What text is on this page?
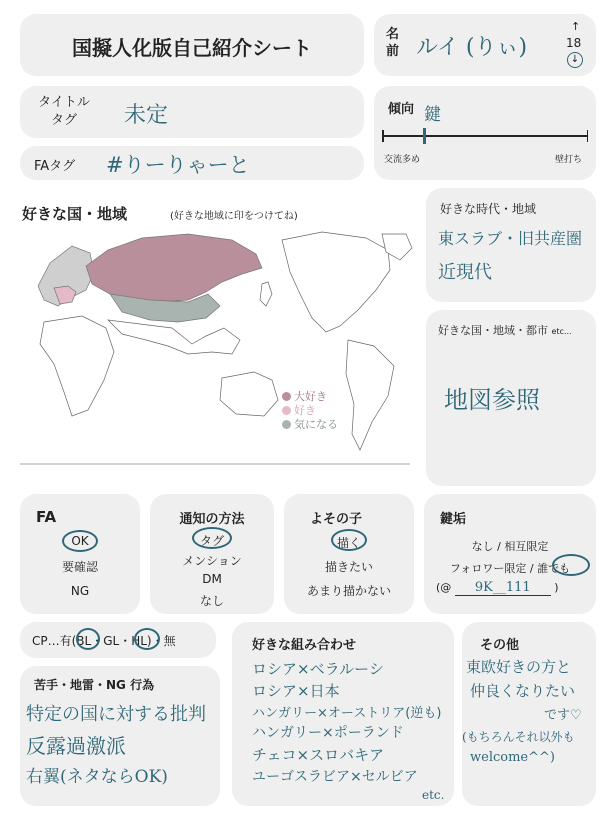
国擬人化版自己紹介シート
名前 ルイ (りぃ)
↑
18
↓
タイトルタグ	未定
FAタグ #りーりゃーと
傾向 鍵
交流多め	壁打ち
好きな国・地域	(好きな地域に印をつけてね)
大好き
好き
気になる
好きな時代・地域
東スラブ・旧共産圏
近現代
好きな国・地域・都市 etc...
地図参照
FA
OK
要確認
NG
通知の方法
タグ
メンション
DM
なし
よその子
描く
描きたい
あまり描かない
鍵垢
なし / 相互限定
フォロワー限定 / 誰でも
(@ 9K__111 )
CP…有(BL・GL・HL)・無
苦手・地雷・NG 行為
特定の国に対する批判
反露過激派
右翼(ネタならOK)
好きな組み合わせ
ロシア×ベラルーシ
ロシア×日本
ハンガリー×オーストリア(逆も)
ハンガリー×ポーランド
チェコ×スロバキア
ユーゴスラビア×セルビア
etc.
その他
東欧好きの方と
仲良くなりたい
です♡
(もちろんそれ以外も
welcome^^)
